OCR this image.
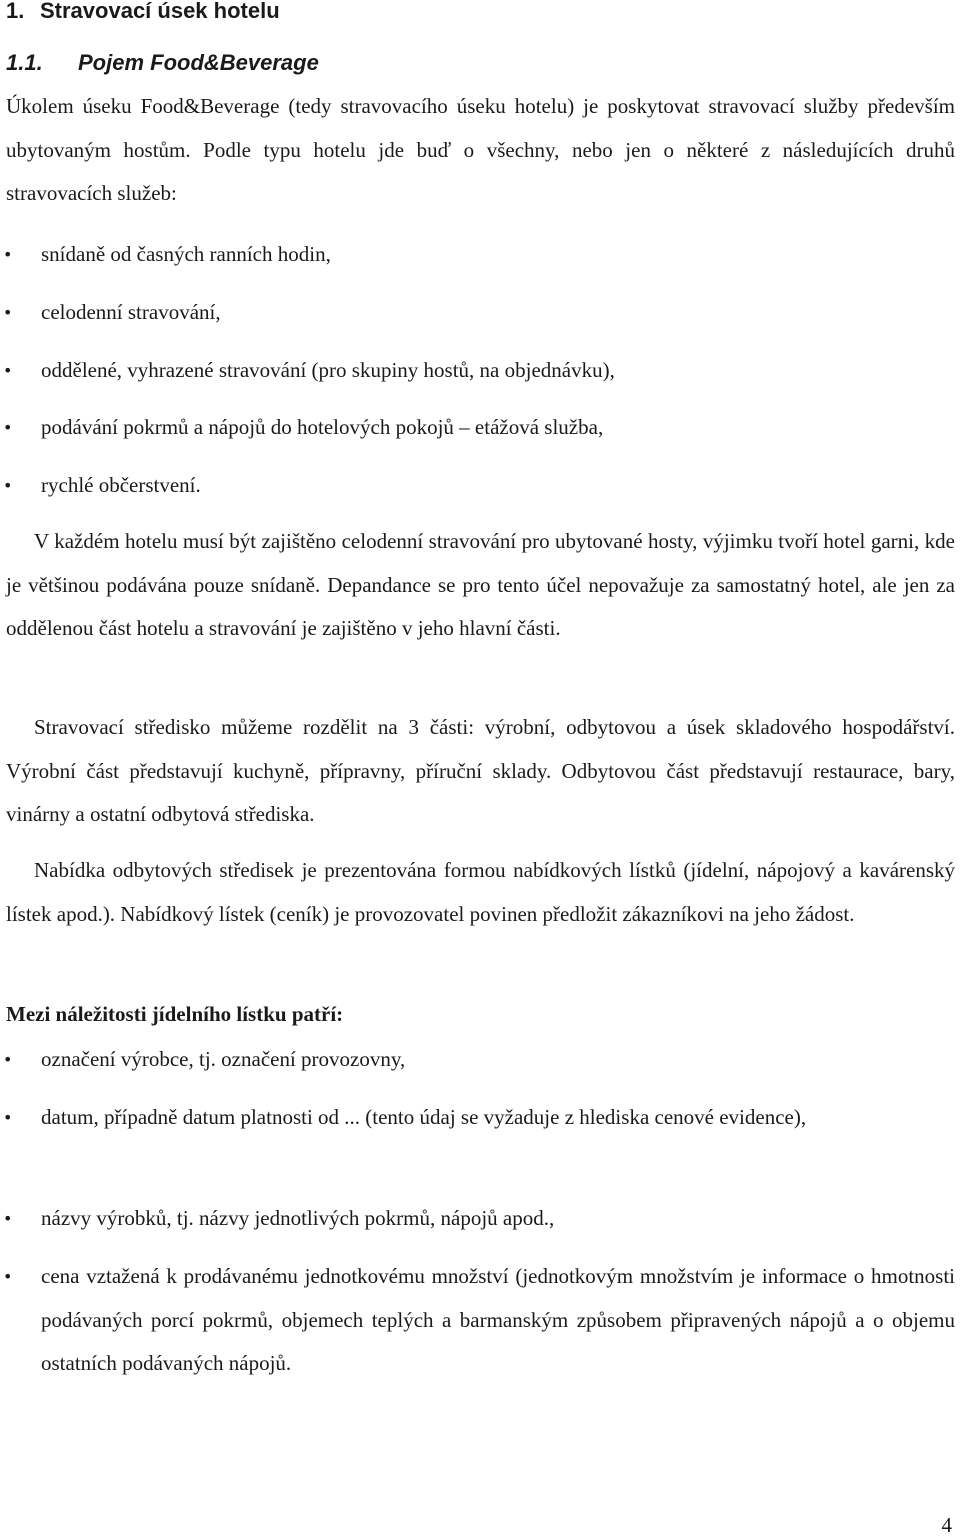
1. Stravovací úsek hotelu
1.1. Pojem Food&Beverage
Úkolem úseku Food&Beverage (tedy stravovacího úseku hotelu) je poskytovat stravovací služby především ubytovaným hostům. Podle typu hotelu jde buď o všechny, nebo jen o některé z následujících druhů stravovacích služeb:
•	snídaně od časných ranních hodin,
•	celodenní stravování,
•	oddělené, vyhrazené stravování (pro skupiny hostů, na objednávku),
•	podávání pokrmů a nápojů do hotelových pokojů – etážová služba,
•	rychlé občerstvení.
V každém hotelu musí být zajištěno celodenní stravování pro ubytované hosty, výjimku tvoří hotel garni, kde je většinou podávána pouze snídaně. Depandance se pro tento účel nepovažuje za samostatný hotel, ale jen za oddělenou část hotelu a stravování je zajištěno v jeho hlavní části.
Stravovací středisko můžeme rozdělit na 3 části: výrobní, odbytovou a úsek skladového hospodářství. Výrobní část představují kuchyně, přípravny, příruční sklady. Odbytovou část představují restaurace, bary, vinárny a ostatní odbytová střediska.
Nabídka odbytových středisek je prezentována formou nabídkových lístků (jídelní, nápojový a kavárenský lístek apod.). Nabídkový lístek (ceník) je provozovatel povinen předložit zákazníkovi na jeho žádost.
Mezi náležitosti jídelního lístku patří:
•	označení výrobce, tj. označení provozovny,
•	datum, případně datum platnosti od ... (tento údaj se vyžaduje z hlediska cenové evidence),
•	názvy výrobků, tj. názvy jednotlivých pokrmů, nápojů apod.,
•	cena vztažená k prodávanému jednotkovému množství (jednotkovým množstvím je informace o hmotnosti podávaných porcí pokrmů, objemech teplých a barmanským způsobem připravených nápojů a o objemu ostatních podávaných nápojů.
4
